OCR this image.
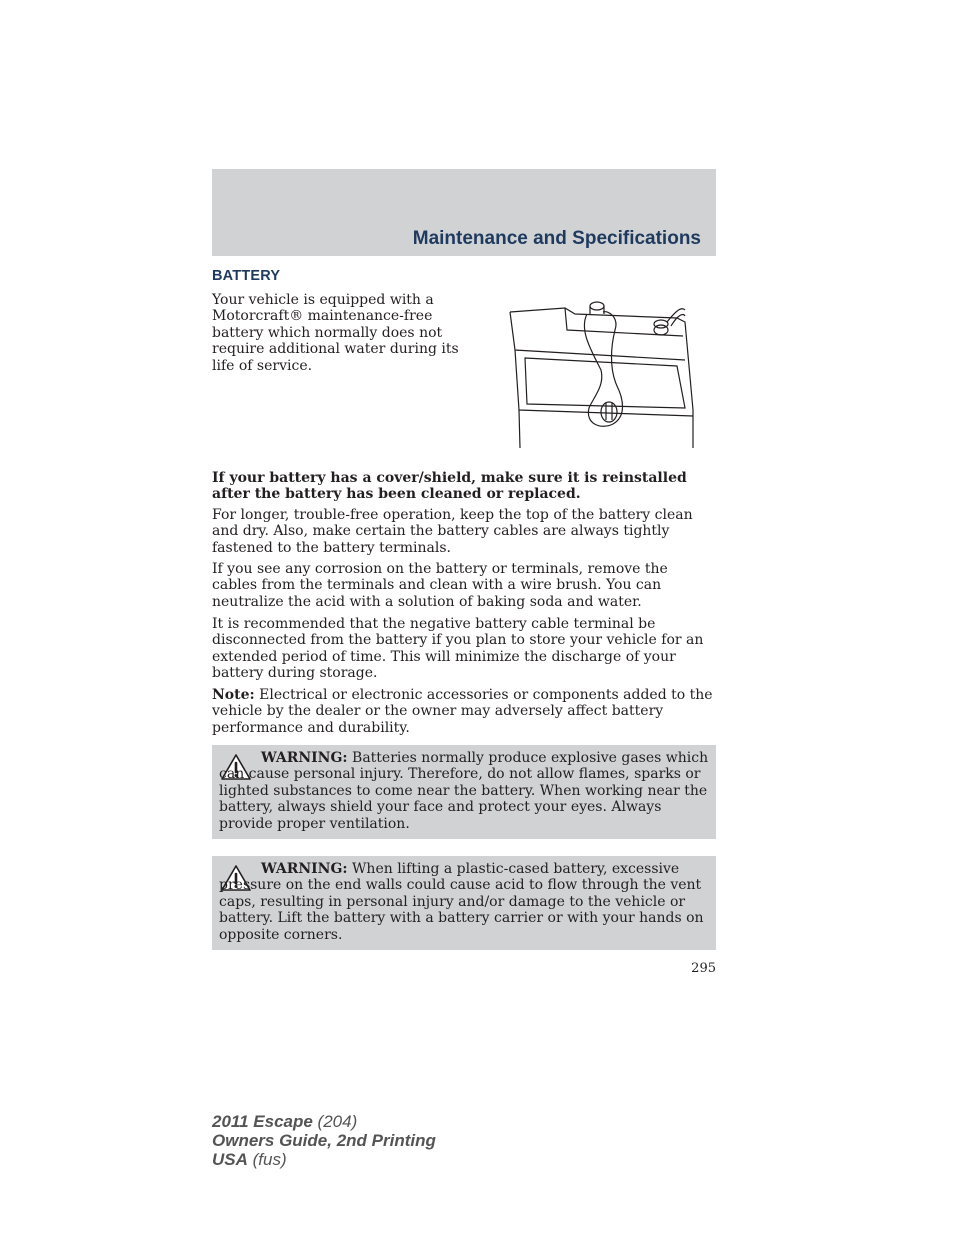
Maintenance and Specifications
BATTERY

Your vehicle is equipped with a Motorcraft® maintenance-free battery which normally does not require additional water during its life of service.

If your battery has a cover/shield, make sure it is reinstalled after the battery has been cleaned or replaced.

For longer, trouble-free operation, keep the top of the battery clean and dry. Also, make certain the battery cables are always tightly fastened to the battery terminals.

If you see any corrosion on the battery or terminals, remove the cables from the terminals and clean with a wire brush. You can neutralize the acid with a solution of baking soda and water.

It is recommended that the negative battery cable terminal be disconnected from the battery if you plan to store your vehicle for an extended period of time. This will minimize the discharge of your battery during storage.

Note: Electrical or electronic accessories or components added to the vehicle by the dealer or the owner may adversely affect battery performance and durability.

WARNING: Batteries normally produce explosive gases which can cause personal injury. Therefore, do not allow flames, sparks or lighted substances to come near the battery. When working near the battery, always shield your face and protect your eyes. Always provide proper ventilation.

WARNING: When lifting a plastic-cased battery, excessive pressure on the end walls could cause acid to flow through the vent caps, resulting in personal injury and/or damage to the vehicle or battery. Lift the battery with a battery carrier or with your hands on opposite corners.

295
2011 Escape (204)
Owners Guide, 2nd Printing
USA (fus)
